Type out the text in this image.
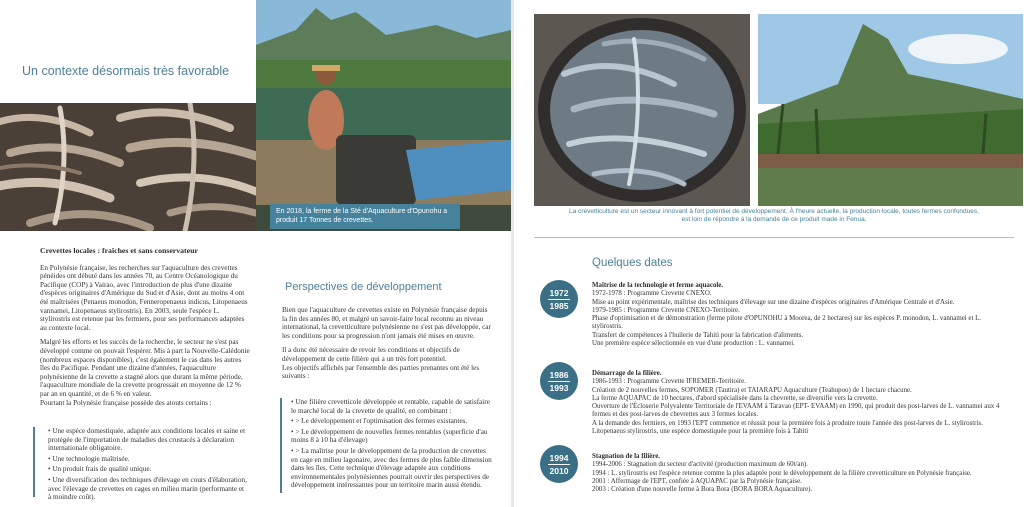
Un contexte désormais très favorable
En 2018, la ferme de la Sté d'Aquaculture d'Opunohu a produit 17 Tonnes de crevettes.
Crevettes locales : fraîches et sans conservateur

En Polynésie française, les recherches sur l'aquaculture des crevettes pénéides ont débuté dans les années 70, au Centre Océanologique du Pacifique (COP) à Vairao, avec l'introduction de plus d'une dizaine d'espèces originaires d'Amérique du Sud et d'Asie, dont au moins 4 ont été maîtrisées (Penaeus monodon, Fenneropenaeus indicus, Litopenaeus vannamei, Litopenaeus stylirostris). En 2003, seule l'espèce L. stylirostris est retenue par les fermiers, pour ses performances adaptées au contexte local.

Malgré les efforts et les succès de la recherche, le secteur ne s'est pas développé comme on pouvait l'espérer. Mis à part la Nouvelle-Calédonie (nombreux espaces disponibles), c'est également le cas dans les autres îles du Pacifique. Pendant une dizaine d'années, l'aquaculture polynésienne de la crevette a stagné alors que durant la même période, l'aquaculture mondiale de la crevette progressait en moyenne de 12 % par an en quantité, et de 6 % en valeur.

Pourtant la Polynésie française possède des atouts certains :

• Une espèce domestiquée, adaptée aux conditions locales et saine et protégée de l'importation de maladies des crustacés à déclaration internationale obligatoire.
• Une technologie maîtrisée.
• Un produit frais de qualité unique.
• Une diversification des techniques d'élevage en cours d'élaboration, avec l'élevage de crevettes en cages en milieu marin (performante et à moindre coût).
Perspectives de développement

Bien que l'aquaculture de crevettes existe en Polynésie française depuis la fin des années 80, et malgré un savoir-faire local reconnu au niveau international, la crevetticulture polynésienne ne s'est pas développée, car les conditions pour sa progression n'ont jamais été mises en œuvre.

Il a donc été nécessaire de revoir les conditions et objectifs de développement de cette filière qui a un très fort potentiel.

Les objectifs affichés par l'ensemble des parties prenantes ont été les suivants :

• Une filière crevetticole développée et rentable, capable de satisfaire le marché local de la crevette de qualité, en combinant :
• > Le développement et l'optimisation des fermes existantes.
• > Le développement de nouvelles fermes rentables (superficie d'au moins 8 à 10 ha d'élevage)
• > La maîtrise pour le développement de la production de crevettes en cage en milieu lagonaire, avec des fermes de plus faible dimension dans les îles. Cette technique d'élevage adaptée aux conditions environnementales polynésiennes pourrait ouvrir des perspectives de développement intéressantes pour un territoire marin aussi étendu.
La crevetticulture est un secteur innovant à fort potentiel de développement. À l'heure actuelle, la production locale, toutes fermes confondues, est loin de répondre à la demande de ce produit made in Fenua.
Quelques dates
1972
1985
Maîtrise de la technologie et ferme aquacole.
1972-1978 : Programme Crevette CNEXO.
Mise au point expérimentale, maîtrise des techniques d'élevage sur une dizaine d'espèces originaires d'Amérique Centrale et d'Asie.
1979-1985 : Programme Crevette CNEXO-Territoire.
Phase d'optimisation et de démonstration (ferme pilote d'OPUNOHU à Moorea, de 2 hectares) sur les espèces P. monodon, L. vannamei et L. stylirostris.
Transfert de compétences à l'huilerie de Tahiti pour la fabrication d'aliments.
Une première espèce sélectionnée en vue d'une production : L. vannamei.
1986
1993
Démarrage de la filière.
1986-1993 : Programme Crevette IFREMER-Territoire.
Création de 2 nouvelles fermes, SOPOMER (Tautira) et TAIARAPU Aquaculture (Teahupoo) de 1 hectare chacune.
La ferme AQUAPAC de 10 hectares, d'abord spécialisée dans la chevrette, se diversifie vers la crevette.
Ouverture de l'Écloserie Polyvalente Territoriale de l'EVAAM à Taravao (EPT- EVAAM) en 1990, qui produit des post-larves de L. vannamei aux 4 fermes et des post-larves de chevrettes aux 3 fermes locales.
A la demande des fermiers, en 1993 l'EPT commence et réussit pour la première fois à produire toute l'année des post-larves de L. stylirostris. Litopenaeus stylirostris, une espèce domestiquée pour la première fois à Tahiti
1994
2010
Stagnation de la filière.
1994-2006 : Stagnation du secteur d'activité (production maximum de 60t/an).
1994 : L. stylirostris est l'espèce retenue comme la plus adaptée pour le développement de la filière crevetticulture en Polynésie française.
2001 : Affermage de l'EPT, confiée à AQUAPAC par la Polynésie française.
2003 : Création d'une nouvelle ferme à Bora Bora (BORA BORA Aquaculture).
